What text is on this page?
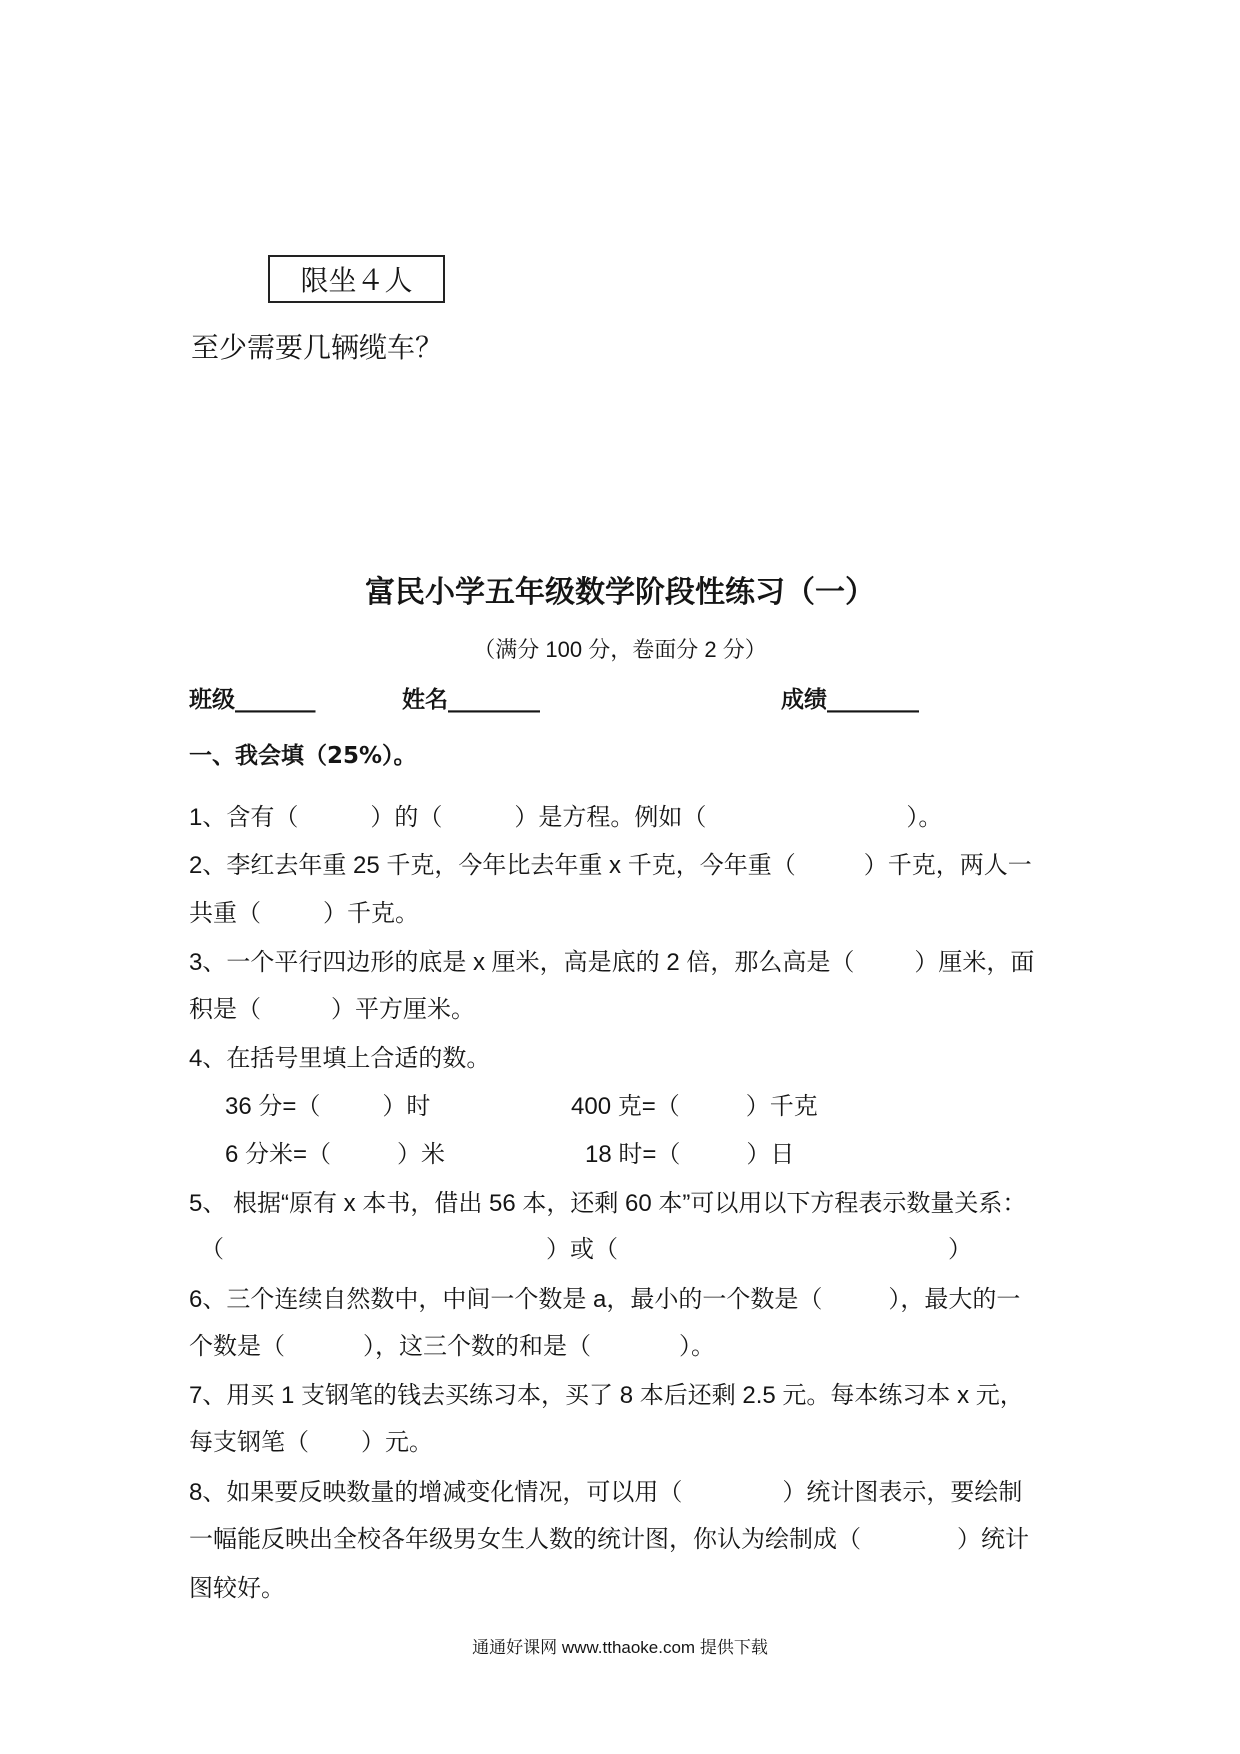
限坐４人
至少需要几辆缆车？
富民小学五年级数学阶段性练习（一）
（满分 100 分，卷面分 2 分）
班级_______	姓名________	成绩________
一、我会填（25%）。
1、含有（	）的（	）是方程。例如（	）。
2、李红去年重 25 千克，今年比去年重 x 千克，今年重（	）千克，两人一
共重（	）千克。
3、一个平行四边形的底是 x 厘米，高是底的 2 倍，那么高是（	）厘米，面
积是（	）平方厘米。
4、在括号里填上合适的数。
36 分=（	）时	400 克=（	）千克
6 分米=（	）米	18 时=（	）日
5、 根据“原有 x 本书，借出 56 本，还剩 60 本”可以用以下方程表示数量关系：
（	）或（	）
6、三个连续自然数中，中间一个数是 a，最小的一个数是（	），最大的一
个数是（	），这三个数的和是（	）。
7、用买 1 支钢笔的钱去买练习本，买了 8 本后还剩 2.5 元。每本练习本 x 元，
每支钢笔（ ）元。
8、如果要反映数量的增减变化情况，可以用（	）统计图表示，要绘制
一幅能反映出全校各年级男女生人数的统计图，你认为绘制成（	）统计
图较好。
通通好课网 www.tthaoke.com 提供下载
